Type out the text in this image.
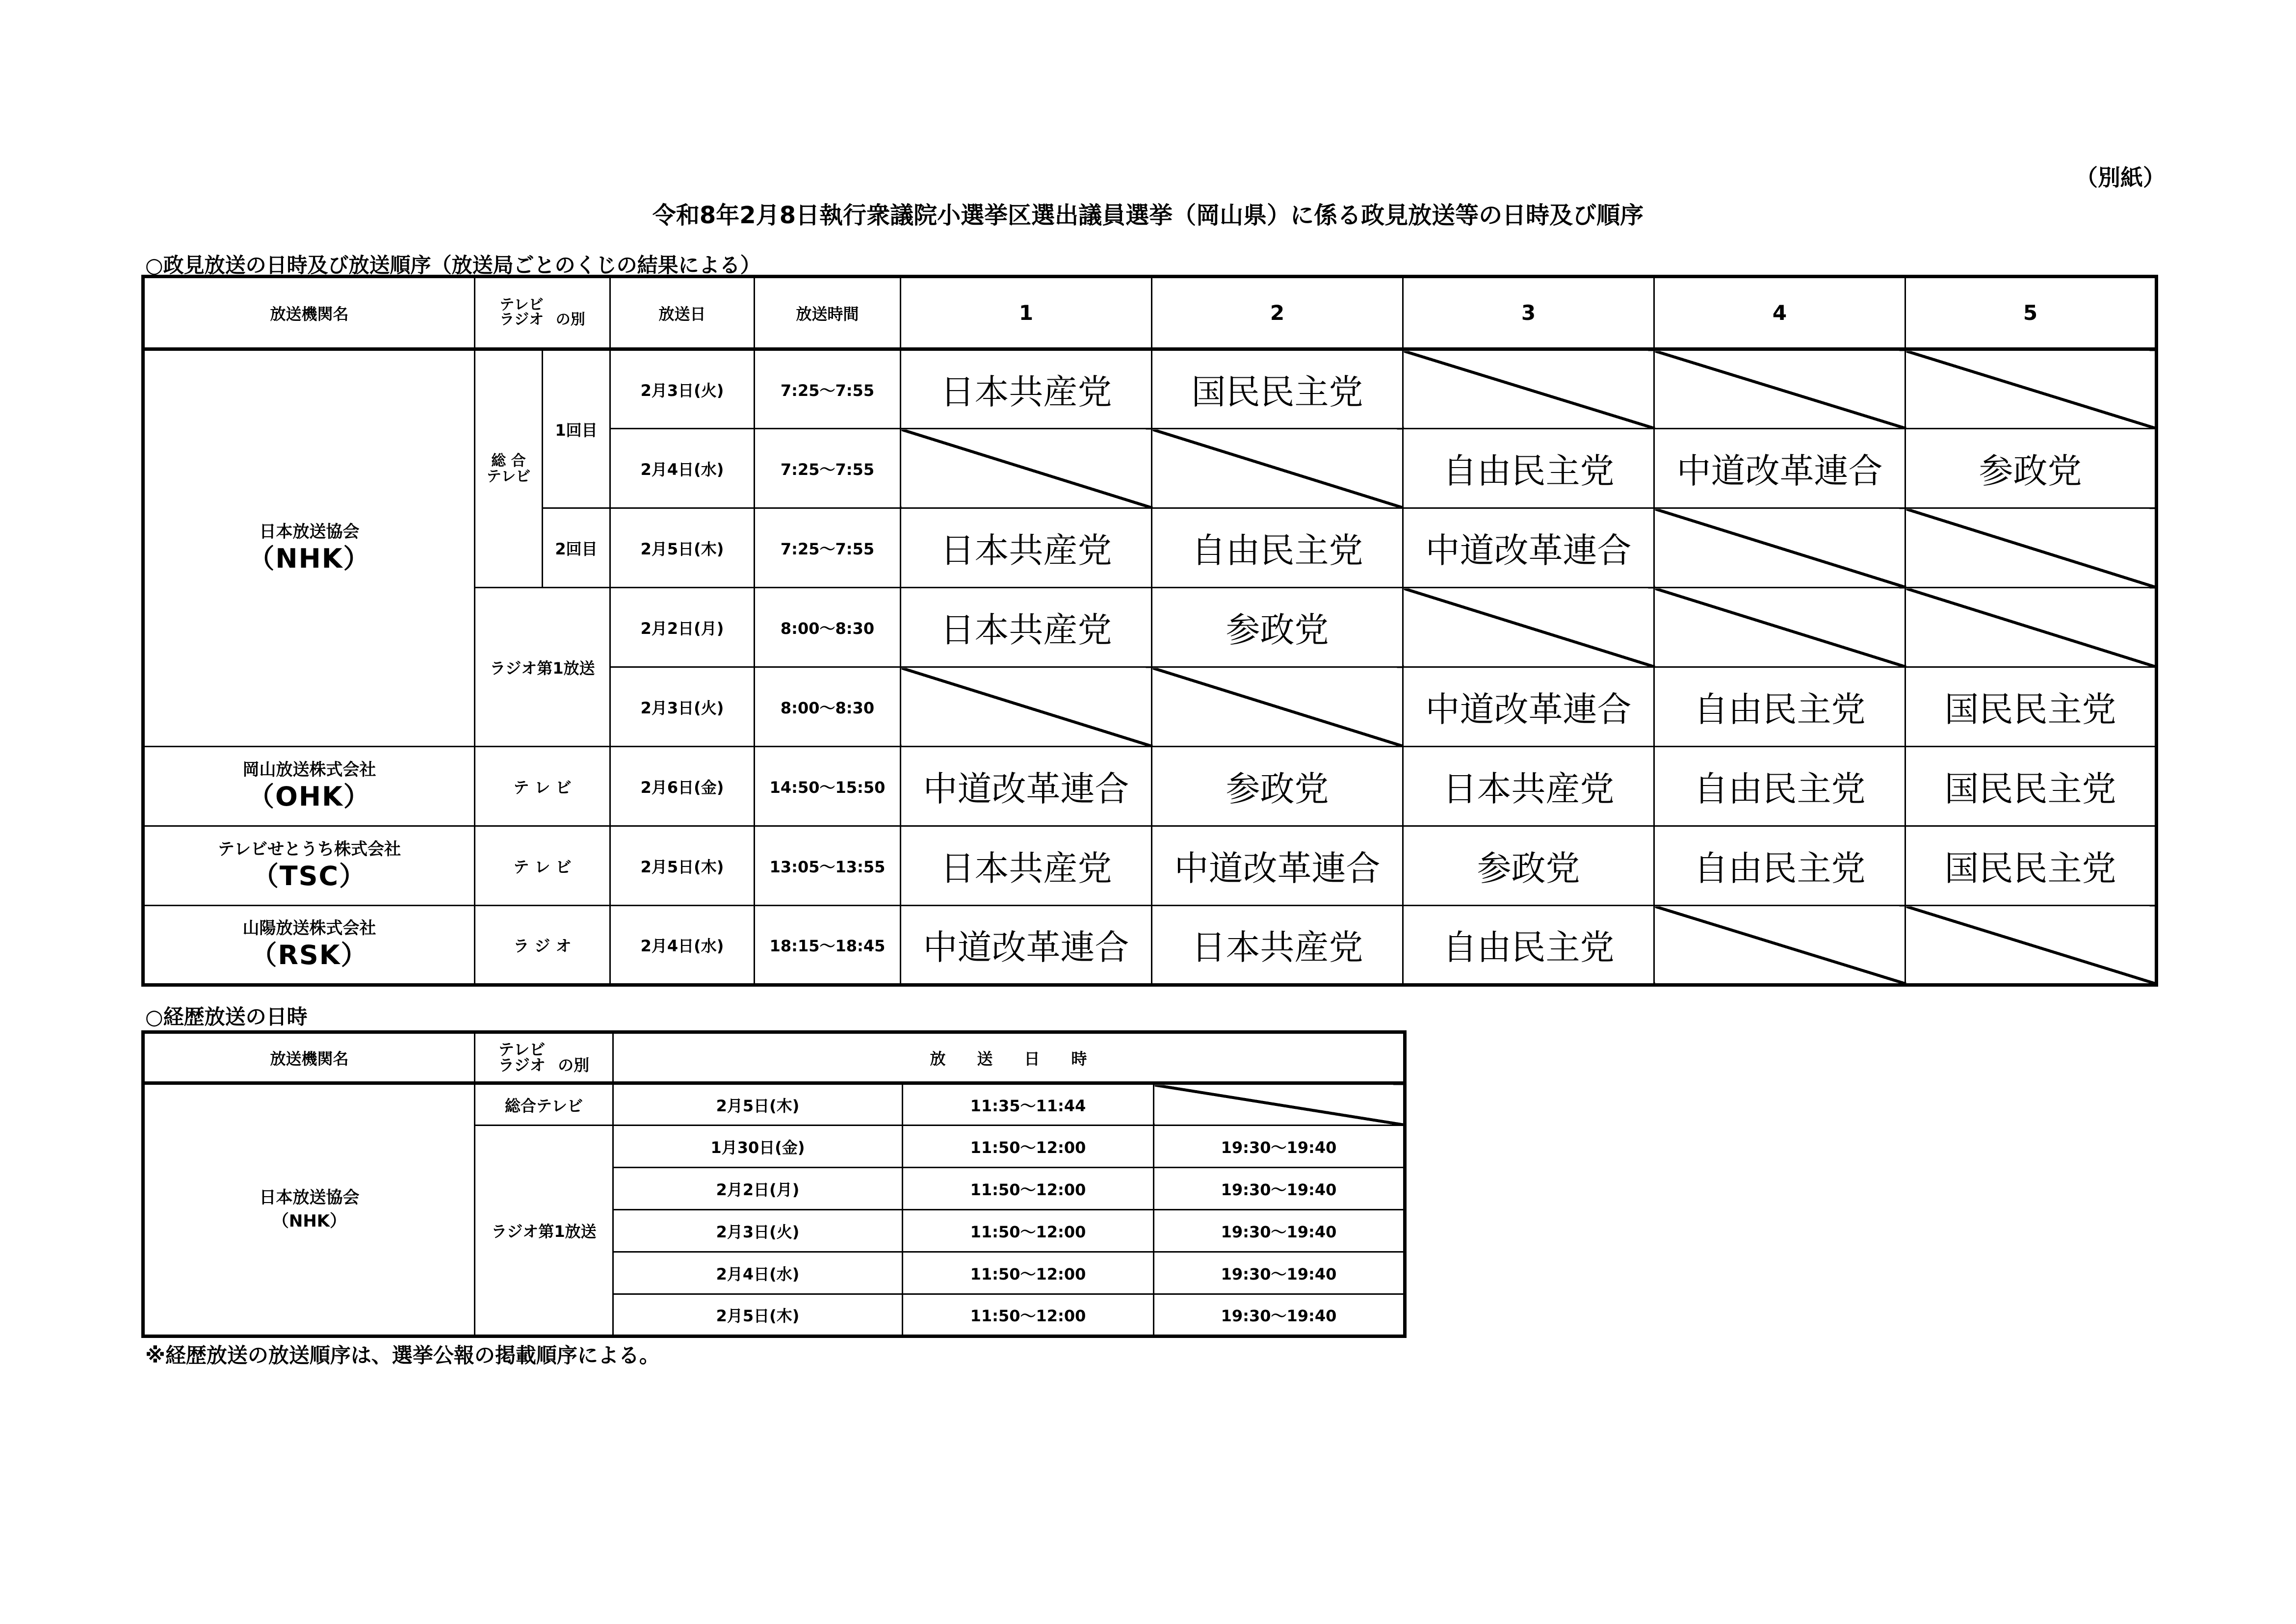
（別紙）
令和8年2月8日執行衆議院小選挙区選出議員選挙（岡山県）に係る政見放送等の日時及び順序
○政見放送の日時及び放送順序（放送局ごとのくじの結果による）
放送機関名	テレビ
ラジオ の別		放送日	放送時間	1	2	3	4	5
日本放送協会
（NHK）	総 合
テレビ	1回目	2月3日(火)	7:25～7:55	日本共産党	国民民主党			
			2月4日(水)	7:25～7:55			自由民主党	中道改革連合	参政党
		2回目	2月5日(木)	7:25～7:55	日本共産党	自由民主党	中道改革連合		
	ラジオ第1放送		2月2日(月)	8:00～8:30	日本共産党	参政党			
			2月3日(火)	8:00～8:30			中道改革連合	自由民主党	国民民主党
岡山放送株式会社
（OHK）	テ レ ビ		2月6日(金)	14:50～15:50	中道改革連合	参政党	日本共産党	自由民主党	国民民主党
テレビせとうち株式会社
（TSC）	テ レ ビ		2月5日(木)	13:05～13:55	日本共産党	中道改革連合	参政党	自由民主党	国民民主党
山陽放送株式会社
（RSK）	ラ ジ オ		2月4日(水)	18:15～18:45	中道改革連合	日本共産党	自由民主党		
○経歴放送の日時
放送機関名	テレビ
ラジオ の別	放　　送　　日　　時		
日本放送協会
（NHK）	総合テレビ	2月5日(木)	11:35～11:44	
	ラジオ第1放送	1月30日(金)	11:50～12:00	19:30～19:40
		2月2日(月)	11:50～12:00	19:30～19:40
		2月3日(火)	11:50～12:00	19:30～19:40
		2月4日(水)	11:50～12:00	19:30～19:40
		2月5日(木)	11:50～12:00	19:30～19:40
※経歴放送の放送順序は、選挙公報の掲載順序による。
